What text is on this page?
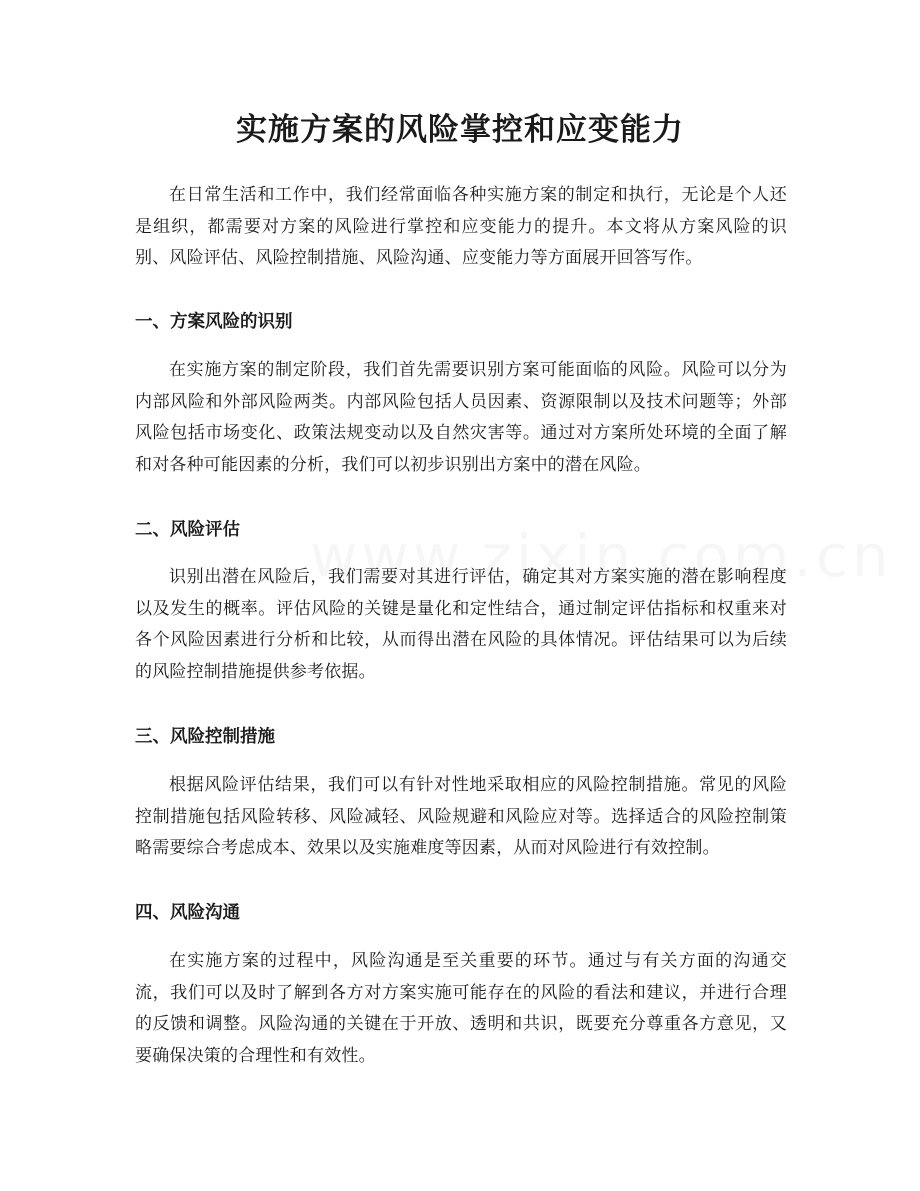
实施方案的风险掌控和应变能力

在日常生活和工作中，我们经常面临各种实施方案的制定和执行，无论是个人还是组织，都需要对方案的风险进行掌控和应变能力的提升。本文将从方案风险的识别、风险评估、风险控制措施、风险沟通、应变能力等方面展开回答写作。

一、方案风险的识别

在实施方案的制定阶段，我们首先需要识别方案可能面临的风险。风险可以分为内部风险和外部风险两类。内部风险包括人员因素、资源限制以及技术问题等；外部风险包括市场变化、政策法规变动以及自然灾害等。通过对方案所处环境的全面了解和对各种可能因素的分析，我们可以初步识别出方案中的潜在风险。

二、风险评估

识别出潜在风险后，我们需要对其进行评估，确定其对方案实施的潜在影响程度以及发生的概率。评估风险的关键是量化和定性结合，通过制定评估指标和权重来对各个风险因素进行分析和比较，从而得出潜在风险的具体情况。评估结果可以为后续的风险控制措施提供参考依据。

三、风险控制措施

根据风险评估结果，我们可以有针对性地采取相应的风险控制措施。常见的风险控制措施包括风险转移、风险减轻、风险规避和风险应对等。选择适合的风险控制策略需要综合考虑成本、效果以及实施难度等因素，从而对风险进行有效控制。

四、风险沟通

在实施方案的过程中，风险沟通是至关重要的环节。通过与有关方面的沟通交流，我们可以及时了解到各方对方案实施可能存在的风险的看法和建议，并进行合理的反馈和调整。风险沟通的关键在于开放、透明和共识，既要充分尊重各方意见，又要确保决策的合理性和有效性。
